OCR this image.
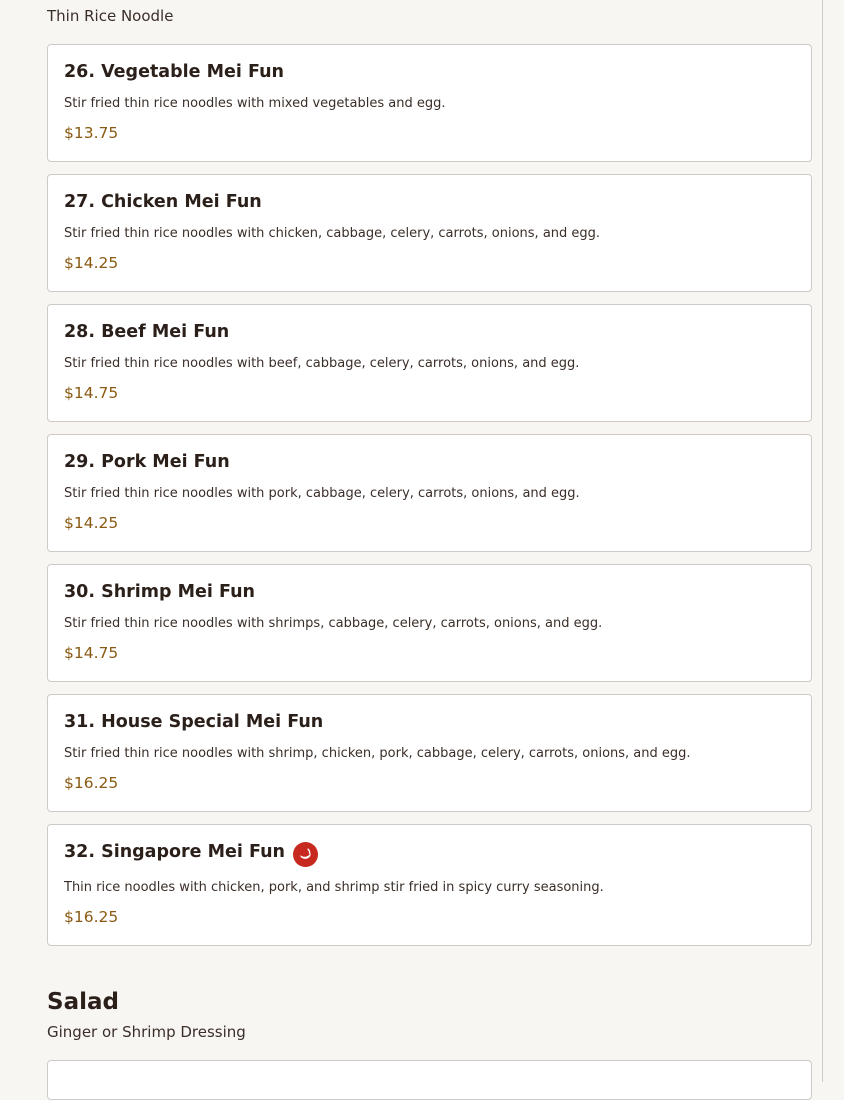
Thin Rice Noodle
26. Vegetable Mei Fun
Stir fried thin rice noodles with mixed vegetables and egg.
$13.75
27. Chicken Mei Fun
Stir fried thin rice noodles with chicken, cabbage, celery, carrots, onions, and egg.
$14.25
28. Beef Mei Fun
Stir fried thin rice noodles with beef, cabbage, celery, carrots, onions, and egg.
$14.75
29. Pork Mei Fun
Stir fried thin rice noodles with pork, cabbage, celery, carrots, onions, and egg.
$14.25
30. Shrimp Mei Fun
Stir fried thin rice noodles with shrimps, cabbage, celery, carrots, onions, and egg.
$14.75
31. House Special Mei Fun
Stir fried thin rice noodles with shrimp, chicken, pork, cabbage, celery, carrots, onions, and egg.
$16.25
32. Singapore Mei Fun
Thin rice noodles with chicken, pork, and shrimp stir fried in spicy curry seasoning.
$16.25
Salad
Ginger or Shrimp Dressing
